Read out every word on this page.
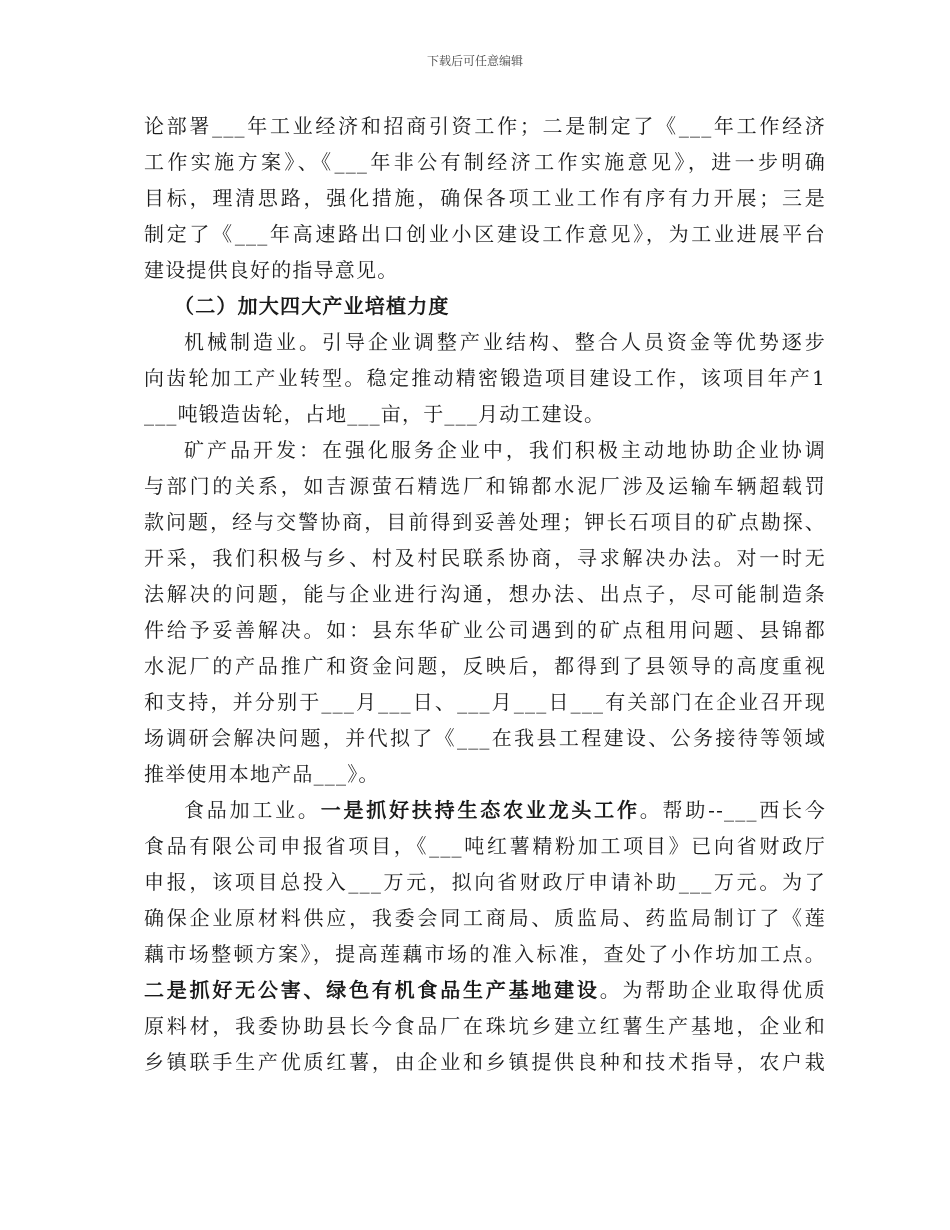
下载后可任意编辑
论部署___年工业经济和招商引资工作；二是制定了《___年工作经济
工作实施方案》、《___年非公有制经济工作实施意见》，进一步明确
目标，理清思路，强化措施，确保各项工业工作有序有力开展；三是
制定了《___年高速路出口创业小区建设工作意见》，为工业进展平台
建设提供良好的指导意见。
（二）加大四大产业培植力度
机械制造业。引导企业调整产业结构、整合人员资金等优势逐步
向齿轮加工产业转型。稳定推动精密锻造项目建设工作，该项目年产1
___吨锻造齿轮，占地___亩，于___月动工建设。
矿产品开发：在强化服务企业中，我们积极主动地协助企业协调
与部门的关系，如吉源萤石精选厂和锦都水泥厂涉及运输车辆超载罚
款问题，经与交警协商，目前得到妥善处理；钾长石项目的矿点勘探、
开采，我们积极与乡、村及村民联系协商，寻求解决办法。对一时无
法解决的问题，能与企业进行沟通，想办法、出点子，尽可能制造条
件给予妥善解决。如：县东华矿业公司遇到的矿点租用问题、县锦都
水泥厂的产品推广和资金问题，反映后，都得到了县领导的高度重视
和支持，并分别于___月___日、___月___日___有关部门在企业召开现
场调研会解决问题，并代拟了《___在我县工程建设、公务接待等领域
推举使用本地产品___》。
食品加工业。一是抓好扶持生态农业龙头工作。帮助--___西长今
食品有限公司申报省项目，《___吨红薯精粉加工项目》已向省财政厅
申报，该项目总投入___万元，拟向省财政厅申请补助___万元。为了
确保企业原材料供应，我委会同工商局、质监局、药监局制订了《莲
藕市场整顿方案》，提高莲藕市场的准入标准，查处了小作坊加工点。
二是抓好无公害、绿色有机食品生产基地建设。为帮助企业取得优质
原料材，我委协助县长今食品厂在珠坑乡建立红薯生产基地，企业和
乡镇联手生产优质红薯，由企业和乡镇提供良种和技术指导，农户栽
